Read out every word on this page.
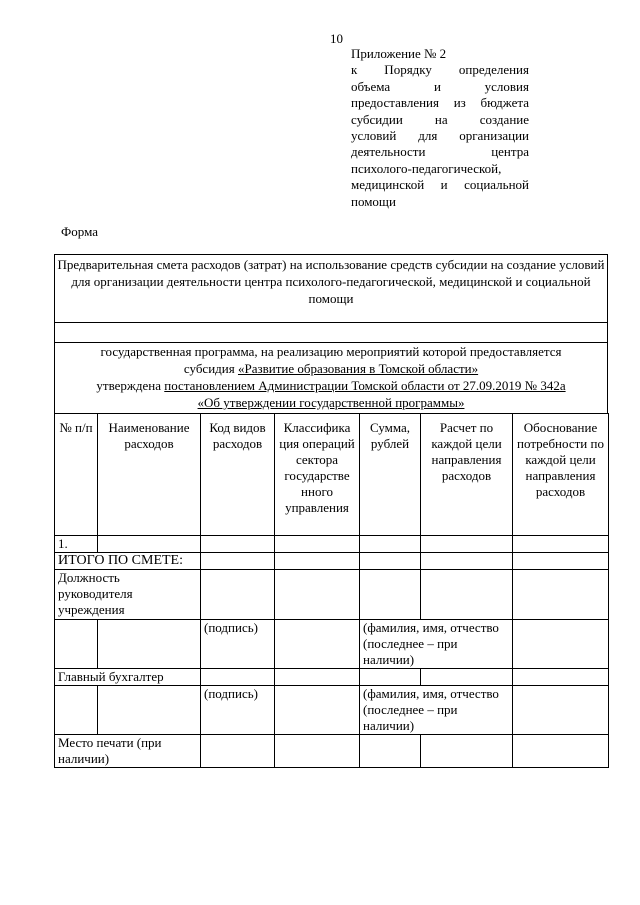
10
Приложение № 2
к Порядку определения
объема и условия
предоставления из бюджета
субсидии на создание
условий для организации
деятельности центра
психолого-педагогической,
медицинской и социальной
помощи
Форма
Предварительная смета расходов (затрат) на использование средств субсидии на создание условий для организации деятельности центра психолого-педагогической, медицинской и социальной помощи
государственная программа, на реализацию мероприятий которой предоставляется
субсидия «Развитие образования в Томской области»
утверждена постановлением Администрации Томской области от 27.09.2019 № 342а
«Об утверждении государственной программы»
№ п/п	Наименование расходов	Код видов расходов	Классифика ция операций сектора государстве нного управления	Сумма, рублей	Расчет по каждой цели направления расходов	Обоснование потребности по каждой цели направления расходов
1.						
ИТОГО ПО СМЕТЕ:						
Должность руководителя учреждения						
		(подпись)		(фамилия, имя, отчество (последнее – при наличии)		
Главный бухгалтер						
		(подпись)		(фамилия, имя, отчество (последнее – при наличии)		
Место печати (при наличии)						
